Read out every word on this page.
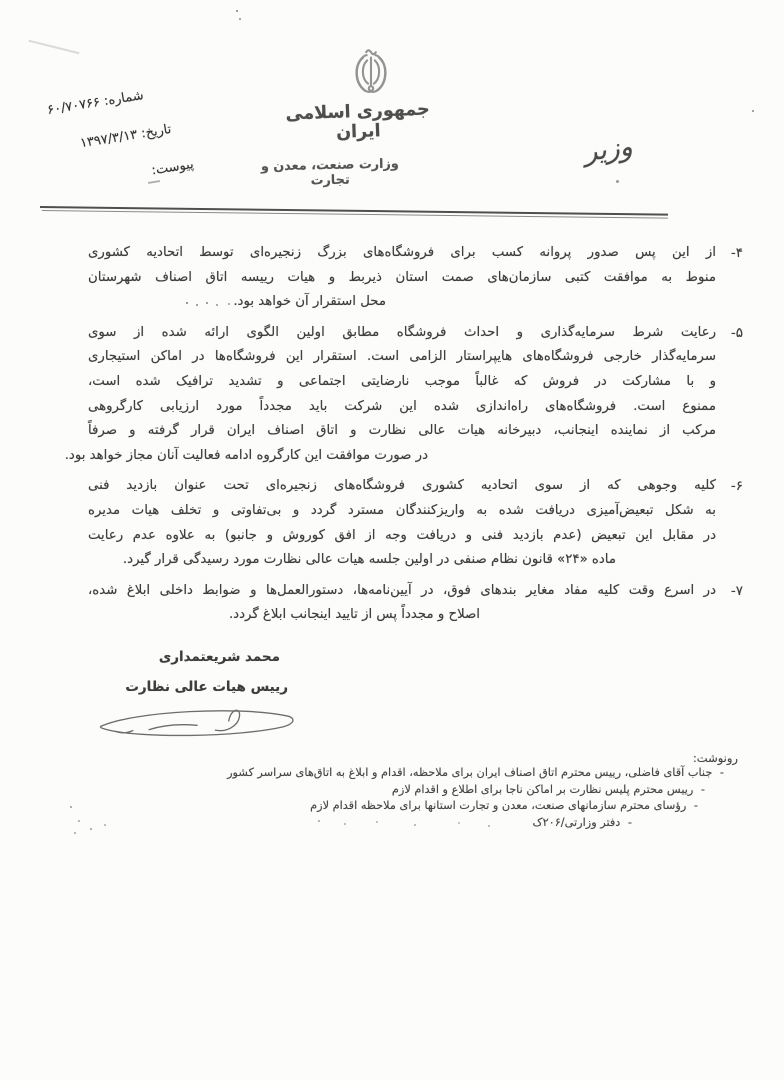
جمهوری اسلامی ایران
وزارت صنعت، معدن و تجارت
وزیر
شماره: ۶۰/۷۰۷۶۶
تاریخ: ۱۳۹۷/۳/۱۳
پیوست:
۴-
از این پس صدور پروانه کسب برای فروشگاه‌های بزرگ زنجیره‌ای توسط اتحادیه کشوری
منوط به موافقت کتبی سازمان‌های صمت استان ذیربط و هیات رییسه اتاق اصناف شهرستان
محل استقرار آن خواهد بود.
۵-
رعایت شرط سرمایه‌گذاری و احداث فروشگاه مطابق اولین الگوی ارائه شده از سوی
سرمایه‌گذار خارجی فروشگاه‌های هایپراستار الزامی است. استقرار این فروشگاه‌ها در اماکن استیجاری
و با مشارکت در فروش که غالباً موجب نارضایتی اجتماعی و تشدید ترافیک شده است،
ممنوع است. فروشگاه‌های راه‌اندازی شده این شرکت باید مجدداً مورد ارزیابی کارگروهی
مرکب از نماینده اینجانب، دبیرخانه هیات عالی نظارت و اتاق اصناف ایران قرار گرفته و صرفاً
در صورت موافقت این کارگروه ادامه فعالیت آنان مجاز خواهد بود.
۶-
کلیه وجوهی که از سوی اتحادیه کشوری فروشگاه‌های زنجیره‌ای تحت عنوان بازدید فنی
به شکل تبعیض‌آمیزی دریافت شده به واریزکنندگان مسترد گردد و بی‌تفاوتی و تخلف هیات مدیره
در مقابل این تبعیض (عدم بازدید فنی و دریافت وجه از افق کوروش و جانبو) به علاوه عدم رعایت
ماده «۲۴» قانون نظام صنفی در اولین جلسه هیات عالی نظارت مورد رسیدگی قرار گیرد.
۷-
در اسرع وقت کلیه مفاد مغایر بندهای فوق، در آیین‌نامه‌ها، دستورالعمل‌ها و ضوابط داخلی ابلاغ شده،
اصلاح و مجدداً پس از تایید اینجانب ابلاغ گردد.
محمد شریعتمداری
رییس هیات عالی نظارت
رونوشت:
- جناب آقای فاضلی، رییس محترم اتاق اصناف ایران برای ملاحظه، اقدام و ابلاغ به اتاق‌های سراسر کشور
- رییس محترم پلیس نظارت بر اماکن ناجا برای اطلاع و اقدام لازم
- رؤسای محترم سازمانهای صنعت، معدن و تجارت استانها برای ملاحظه اقدام لازم
- دفتر وزارتی/۲۰۶ک
